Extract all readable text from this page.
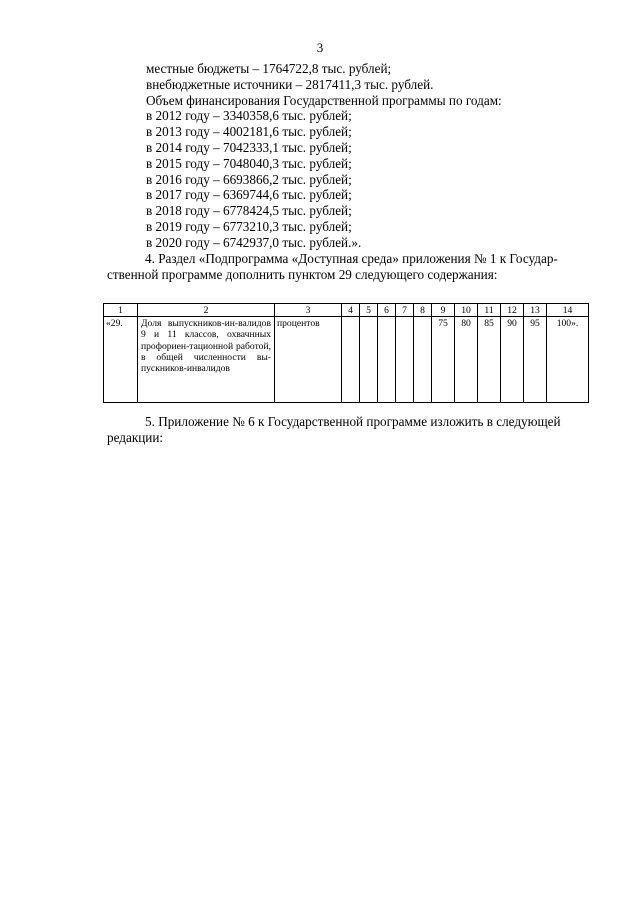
3
местные бюджеты – 1764722,8 тыс. рублей;
внебюджетные источники – 2817411,3 тыс. рублей.
Объем финансирования Государственной программы по годам:
в 2012 году – 3340358,6 тыс. рублей;
в 2013 году – 4002181,6 тыс. рублей;
в 2014 году – 7042333,1 тыс. рублей;
в 2015 году – 7048040,3 тыс. рублей;
в 2016 году – 6693866,2 тыс. рублей;
в 2017 году – 6369744,6 тыс. рублей;
в 2018 году – 6778424,5 тыс. рублей;
в 2019 году – 6773210,3 тыс. рублей;
в 2020 году – 6742937,0 тыс. рублей.».
4. Раздел «Подпрограмма «Доступная среда» приложения № 1 к Государ-
ственной программе дополнить пунктом 29 следующего содержания:
1	2	3	4	5	6	7	8	9	10	11	12	13	14
«29.	Доля выпускников-ин-валидов 9 и 11 классов, охвачнных профориен-тационной работой, в общей численности вы-пускников-инвалидов	процентов						75	80	85	90	95	100».
5. Приложение № 6 к Государственной программе изложить в следующей
редакции:
